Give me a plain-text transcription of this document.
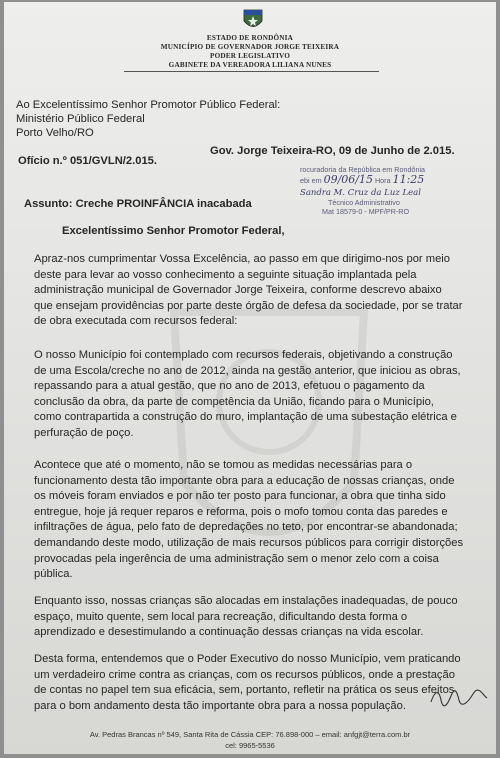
ESTADO DE RONDÔNIA
MUNICÍPIO DE GOVERNADOR JORGE TEIXEIRA
PODER LEGISLATIVO
GABINETE DA VEREADORA LILIANA NUNES
Ao Excelentíssimo Senhor Promotor Público Federal:
Ministério Público Federal
Porto Velho/RO
Ofício n.º 051/GVLN/2.015.
Gov. Jorge Teixeira-RO, 09 de Junho de 2.015.
rocuradoria da República em Rondônia
ebi em 09/06/15 Hora 11:25
Sandra M. Cruz da Luz Leal
Técnico Administrativo
Mat 18579-0 - MPF/PR-RO
Assunto: Creche PROINFÂNCIA inacabada
Excelentíssimo Senhor Promotor Federal,
Apraz-nos cumprimentar Vossa Excelência, ao passo em que dirigimo-nos por meio
deste para levar ao vosso conhecimento a seguinte situação implantada pela
administração municipal de Governador Jorge Teixeira, conforme descrevo abaixo
que ensejam providências por parte deste órgão de defesa da sociedade, por se tratar
de obra executada com recursos federal:
O nosso Município foi contemplado com recursos federais, objetivando a construção
de uma Escola/creche no ano de 2012, ainda na gestão anterior, que iniciou as obras,
repassando para a atual gestão, que no ano de 2013, efetuou o pagamento da
conclusão da obra, da parte de competência da União, ficando para o Município,
como contrapartida a construção do muro, implantação de uma subestação elétrica e
perfuração de poço.
Acontece que até o momento, não se tomou as medidas necessárias para o
funcionamento desta tão importante obra para a educação de nossas crianças, onde
os móveis foram enviados e por não ter posto para funcionar, a obra que tinha sido
entregue, hoje já requer reparos e reforma, pois o mofo tomou conta das paredes e
infiltrações de água, pelo fato de depredações no teto, por encontrar-se abandonada;
demandando deste modo, utilização de mais recursos públicos para corrigir distorções
provocadas pela ingerência de uma administração sem o menor zelo com a coisa
pública.
Enquanto isso, nossas crianças são alocadas em instalações inadequadas, de pouco
espaço, muito quente, sem local para recreação, dificultando desta forma o
aprendizado e desestimulando a continuação dessas crianças na vida escolar.
Desta forma, entendemos que o Poder Executivo do nosso Município, vem praticando
um verdadeiro crime contra as crianças, com os recursos públicos, onde a prestação
de contas no papel tem sua eficácia, sem, portanto, refletir na prática os seus efeitos
para o bom andamento desta tão importante obra para a nossa população.
Av. Pedras Brancas nº 549, Santa Rita de Cássia CEP: 76.898-000 – email: anfgjt@terra.com.br
cel: 9965-5536
